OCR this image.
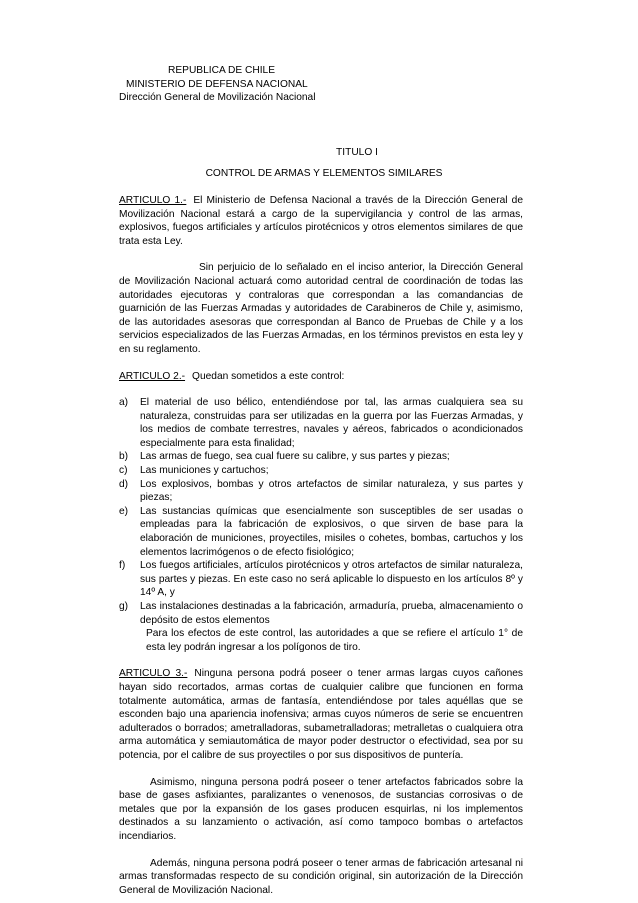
REPUBLICA DE CHILE
MINISTERIO DE DEFENSA NACIONAL
Dirección General de Movilización Nacional
TITULO I
CONTROL DE ARMAS Y ELEMENTOS SIMILARES

ARTICULO 1.- El Ministerio de Defensa Nacional a través de la Dirección General de Movilización Nacional estará a cargo de la supervigilancia y control de las armas, explosivos, fuegos artificiales y artículos pirotécnicos y otros elementos similares de que trata esta Ley.

Sin perjuicio de lo señalado en el inciso anterior, la Dirección General de Movilización Nacional actuará como autoridad central de coordinación de todas las autoridades ejecutoras y contraloras que correspondan a las comandancias de guarnición de las Fuerzas Armadas y autoridades de Carabineros de Chile y, asimismo, de las autoridades asesoras que correspondan al Banco de Pruebas de Chile y a los servicios especializados de las Fuerzas Armadas, en los términos previstos en esta ley y en su reglamento.

ARTICULO 2.- Quedan sometidos a este control:

a) El material de uso bélico, entendiéndose por tal, las armas cualquiera sea su naturaleza, construidas para ser utilizadas en la guerra por las Fuerzas Armadas, y los medios de combate terrestres, navales y aéreos, fabricados o acondicionados especialmente para esta finalidad;
b) Las armas de fuego, sea cual fuere su calibre, y sus partes y piezas;
c) Las municiones y cartuchos;
d) Los explosivos, bombas y otros artefactos de similar naturaleza, y sus partes y piezas;
e) Las sustancias químicas que esencialmente son susceptibles de ser usadas o empleadas para la fabricación de explosivos, o que sirven de base para la elaboración de municiones, proyectiles, misiles o cohetes, bombas, cartuchos y los elementos lacrimógenos o de efecto fisiológico;
f) Los fuegos artificiales, artículos pirotécnicos y otros artefactos de similar naturaleza, sus partes y piezas. En este caso no será aplicable lo dispuesto en los artículos 8º y 14º A, y
g) Las instalaciones destinadas a la fabricación, armaduría, prueba, almacenamiento o depósito de estos elementos

Para los efectos de este control, las autoridades a que se refiere el artículo 1° de esta ley podrán ingresar a los polígonos de tiro.

ARTICULO 3.- Ninguna persona podrá poseer o tener armas largas cuyos cañones hayan sido recortados, armas cortas de cualquier calibre que funcionen en forma totalmente automática, armas de fantasía, entendiéndose por tales aquéllas que se esconden bajo una apariencia inofensiva; armas cuyos números de serie se encuentren adulterados o borrados; ametralladoras, subametralladoras; metralletas o cualquiera otra arma automática y semiautomática de mayor poder destructor o efectividad, sea por su potencia, por el calibre de sus proyectiles o por sus dispositivos de puntería.

Asimismo, ninguna persona podrá poseer o tener artefactos fabricados sobre la base de gases asfixiantes, paralizantes o venenosos, de sustancias corrosivas o de metales que por la expansión de los gases producen esquirlas, ni los implementos destinados a su lanzamiento o activación, así como tampoco bombas o artefactos incendiarios.

Además, ninguna persona podrá poseer o tener armas de fabricación artesanal ni armas transformadas respecto de su condición original, sin autorización de la Dirección General de Movilización Nacional.
